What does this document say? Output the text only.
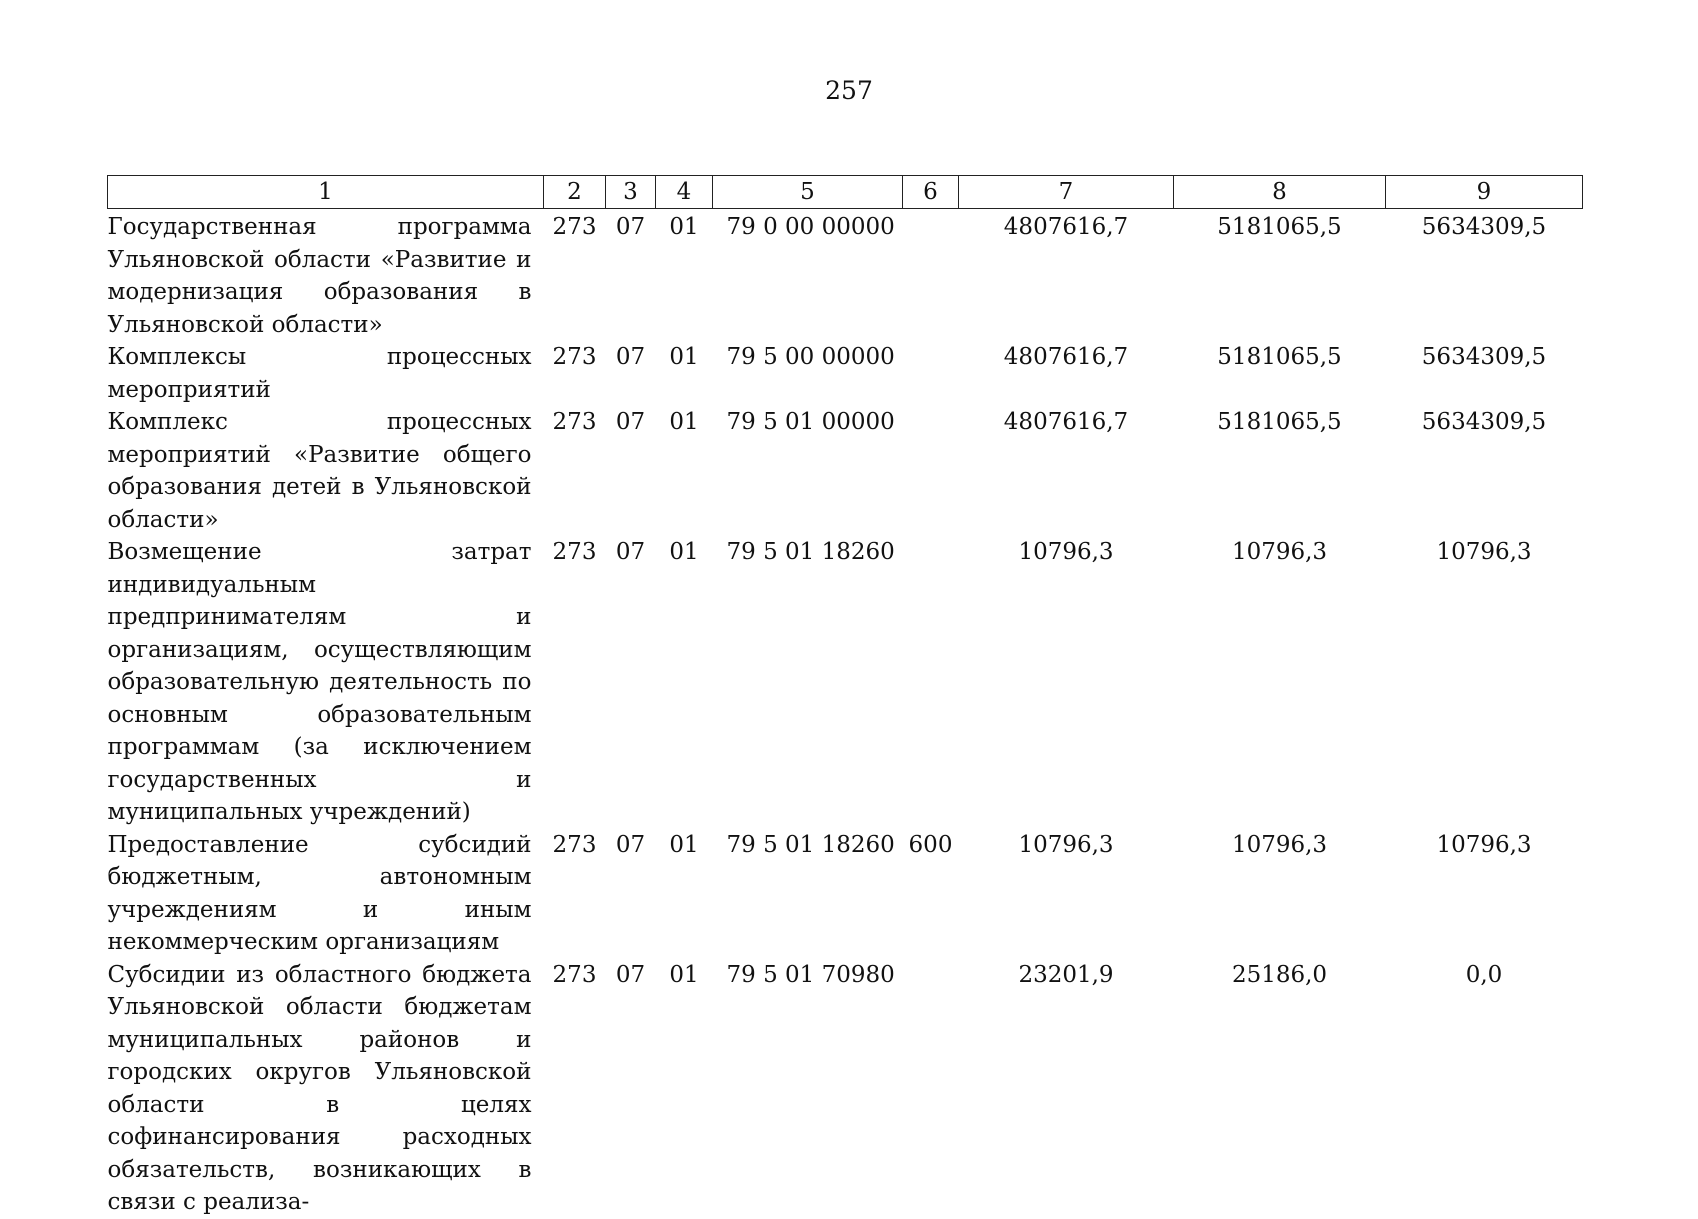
257
1	2	3	4	5	6	7	8	9
Государственная программа Ульяновской области «Развитие и модернизация образования в Ульяновской области»	273	07	01	79 0 00 00000		4807616,7	5181065,5	5634309,5
Комплексы процессных мероприятий	273	07	01	79 5 00 00000		4807616,7	5181065,5	5634309,5
Комплекс процессных мероприятий «Развитие общего образования детей в Ульяновской области»	273	07	01	79 5 01 00000		4807616,7	5181065,5	5634309,5
Возмещение затрат индивидуальным предпринимателям и организациям, осуществляющим образовательную деятельность по основным образовательным программам (за исключением государственных и муниципальных учреждений)	273	07	01	79 5 01 18260		10796,3	10796,3	10796,3
Предоставление субсидий бюджетным, автономным учреждениям и иным некоммерческим организациям	273	07	01	79 5 01 18260	600	10796,3	10796,3	10796,3
Субсидии из областного бюджета Ульяновской области бюджетам муниципальных районов и городских округов Ульяновской области в целях софинансирования расходных обязательств, возникающих в связи с реализа-	273	07	01	79 5 01 70980		23201,9	25186,0	0,0
